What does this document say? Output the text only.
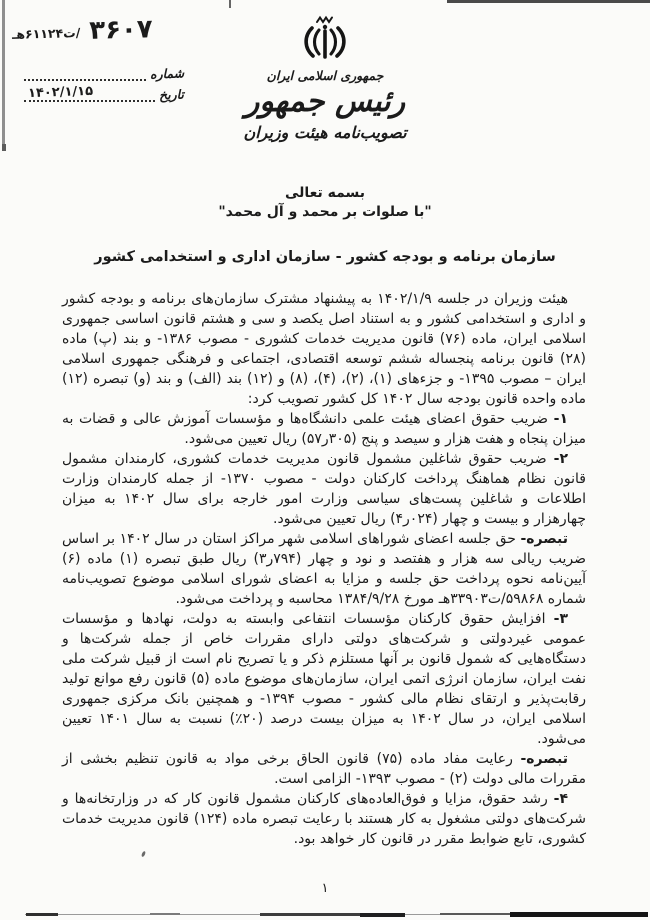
۳۶۰۷
/ت۶۱۱۲۴هـ
شماره
تاریخ
۱۴۰۲/۱/۱۵
جمهوری اسلامی ایران
رئیس جمهور
تصویب‌نامه هیئت وزیران
بسمه تعالی
"با صلوات بر محمد و آل محمد"
سازمان برنامه و بودجه کشور - سازمان اداری و استخدامی کشور

هیئت وزیران در جلسه ۱۴۰۲/۱/۹ به پیشنهاد مشترک سازمان‌های برنامه و بودجه کشور و اداری و استخدامی کشور و به استناد اصل یکصد و سی و هشتم قانون اساسی جمهوری اسلامی ایران، ماده (۷۶) قانون مدیریت خدمات کشوری - مصوب ۱۳۸۶- و بند (پ) ماده (۲۸) قانون برنامه پنجساله ششم توسعه اقتصادی، اجتماعی و فرهنگی جمهوری اسلامی ایران – مصوب ۱۳۹۵- و جزءهای (۱)، (۲)، (۴)، (۸) و (۱۲) بند (الف) و بند (و) تبصره (۱۲) ماده واحده قانون بودجه سال ۱۴۰۲ کل کشور تصویب کرد:

۱- ضریب حقوق اعضای هیئت علمی دانشگاه‌ها و مؤسسات آموزش عالی و قضات به میزان پنجاه و هفت هزار و سیصد و پنج (‭۵۷ر۳۰۵‬) ریال تعیین می‌شود.

۲- ضریب حقوق شاغلین مشمول قانون مدیریت خدمات کشوری، کارمندان مشمول قانون نظام هماهنگ پرداخت کارکنان دولت - مصوب ۱۳۷۰- از جمله کارمندان وزارت اطلاعات و شاغلین پست‌های سیاسی وزارت امور خارجه برای سال ۱۴۰۲ به میزان چهارهزار و بیست و چهار (‭۴ر۰۲۴‬) ریال تعیین می‌شود.

تبصره- حق جلسه اعضای شوراهای اسلامی شهر مراکز استان در سال ۱۴۰۲ بر اساس ضریب ریالی سه هزار و هفتصد و نود و چهار (‭۳ر۷۹۴‬) ریال طبق تبصره (۱) ماده (۶) آیین‌نامه نحوه پرداخت حق جلسه و مزایا به اعضای شورای اسلامی موضوع تصویب‌نامه شماره ۵۹۸۶۸/ت۳۳۹۰۳هـ مورخ ۱۳۸۴/۹/۲۸ محاسبه و پرداخت می‌شود.

۳- افزایش حقوق کارکنان مؤسسات انتفاعی وابسته به دولت، نهادها و مؤسسات عمومی غیردولتی و شرکت‌های دولتی دارای مقررات خاص از جمله شرکت‌ها و دستگاه‌هایی که شمول قانون بر آنها مستلزم ذکر و یا تصریح نام است از قبیل شرکت ملی نفت ایران، سازمان انرژی اتمی ایران، سازمان‌های موضوع ماده (۵) قانون رفع موانع تولید رقابت‌پذیر و ارتقای نظام مالی کشور - مصوب ۱۳۹۴- و همچنین بانک مرکزی جمهوری اسلامی ایران، در سال ۱۴۰۲ به میزان بیست درصد (۲۰٪) نسبت به سال ۱۴۰۱ تعیین می‌شود.

تبصره- رعایت مفاد ماده (۷۵) قانون الحاق برخی مواد به قانون تنظیم بخشی از مقررات مالی دولت (۲) - مصوب ۱۳۹۳- الزامی است.

۴- رشد حقوق، مزایا و فوق‌العاده‌های کارکنان مشمول قانون کار که در وزارتخانه‌ها و شرکت‌های دولتی مشغول به کار هستند با رعایت تبصره ماده (۱۲۴) قانون مدیریت خدمات کشوری، تابع ضوابط مقرر در قانون کار خواهد بود.

۱
